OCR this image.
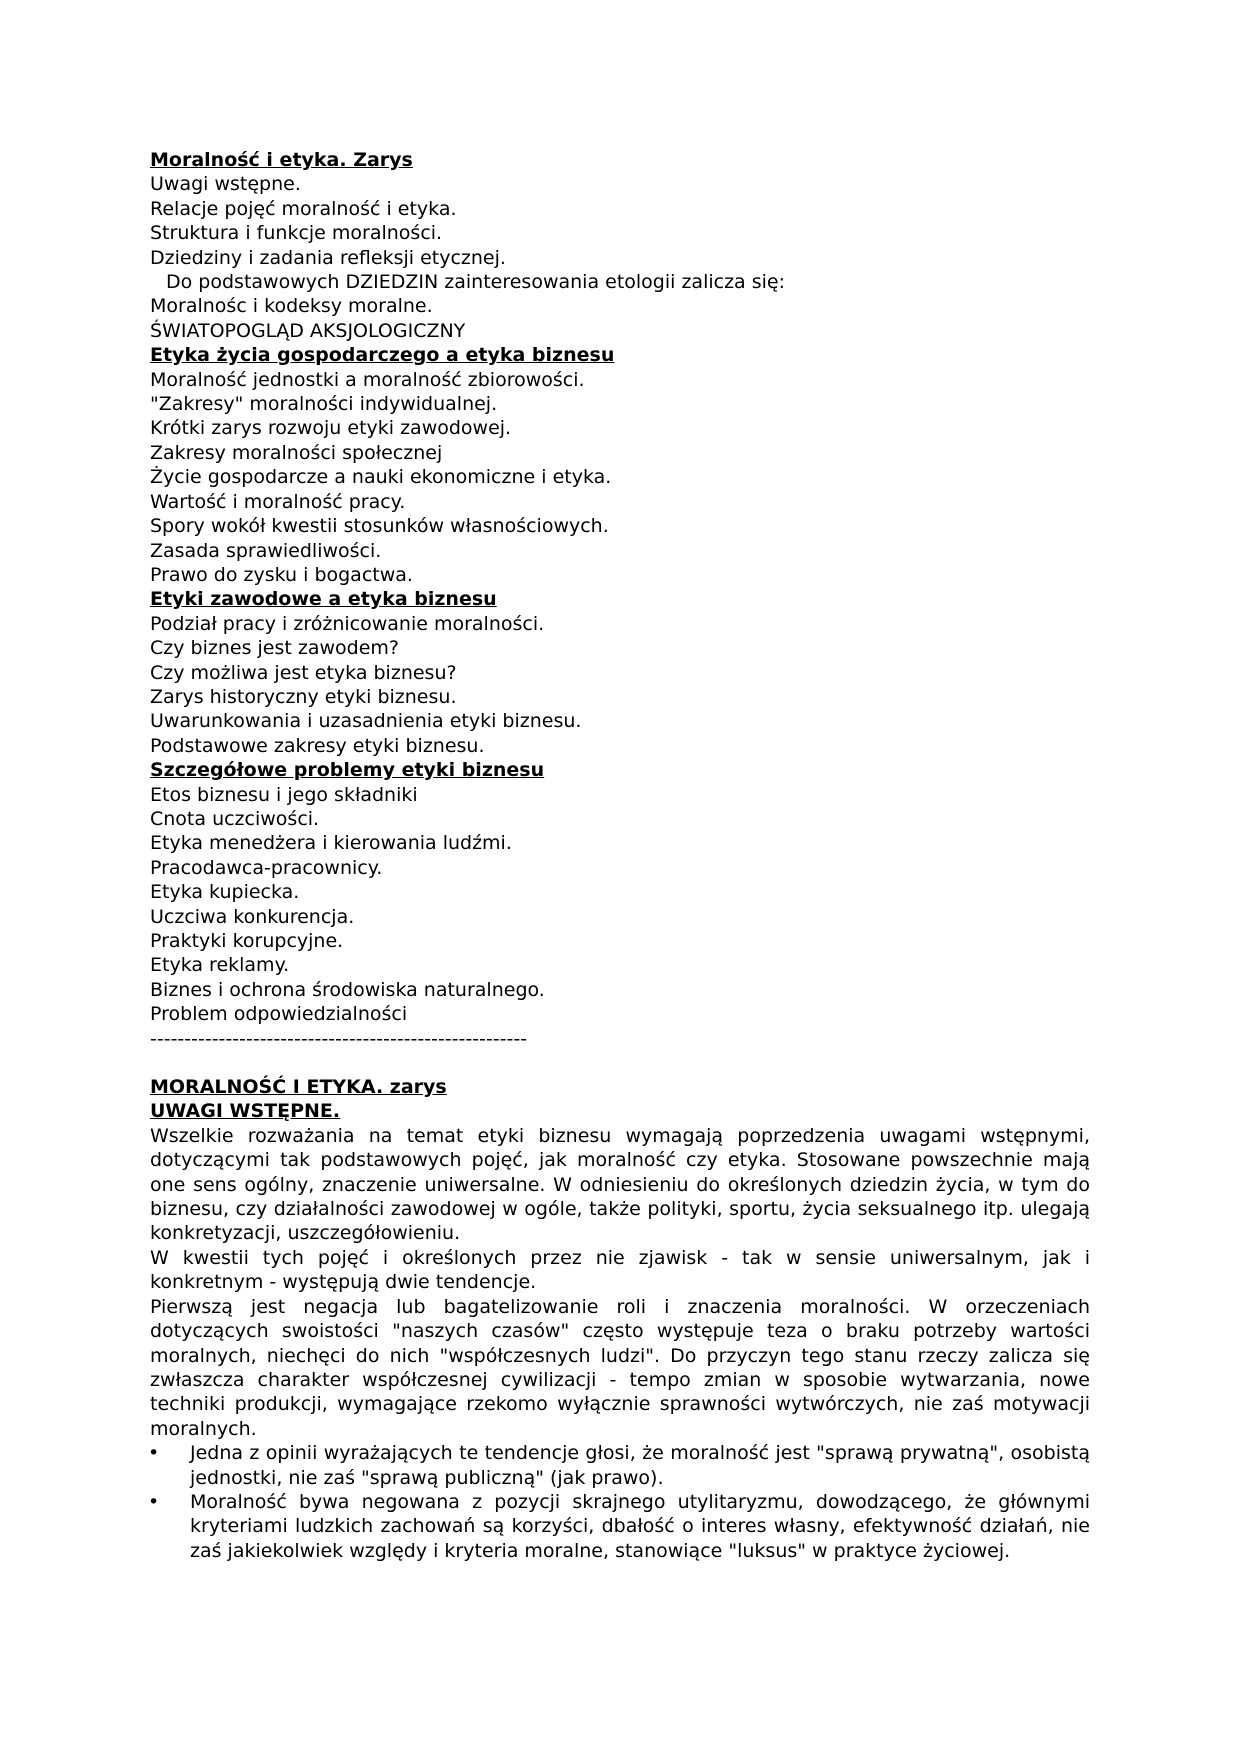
Moralność i etyka. Zarys
Uwagi wstępne.
Relacje pojęć moralność i etyka.
Struktura i funkcje moralności.
Dziedziny i zadania refleksji etycznej.
Do podstawowych DZIEDZIN zainteresowania etologii zalicza się:
Moralnośc i kodeksy moralne.
ŚWIATOPOGLĄD AKSJOLOGICZNY
Etyka życia gospodarczego a etyka biznesu
Moralność jednostki a moralność zbiorowości.
"Zakresy" moralności indywidualnej.
Krótki zarys rozwoju etyki zawodowej.
Zakresy moralności społecznej
Życie gospodarcze a nauki ekonomiczne i etyka.
Wartość i moralność pracy.
Spory wokół kwestii stosunków własnościowych.
Zasada sprawiedliwości.
Prawo do zysku i bogactwa.
Etyki zawodowe a etyka biznesu
Podział pracy i zróżnicowanie moralności.
Czy biznes jest zawodem?
Czy możliwa jest etyka biznesu?
Zarys historyczny etyki biznesu.
Uwarunkowania i uzasadnienia etyki biznesu.
Podstawowe zakresy etyki biznesu.
Szczegółowe problemy etyki biznesu
Etos biznesu i jego składniki
Cnota uczciwości.
Etyka menedżera i kierowania ludźmi.
Pracodawca-pracownicy.
Etyka kupiecka.
Uczciwa konkurencja.
Praktyki korupcyjne.
Etyka reklamy.
Biznes i ochrona środowiska naturalnego.
Problem odpowiedzialności
-------------------------------------------------------
MORALNOŚĆ I ETYKA. zarys
UWAGI WSTĘPNE.
Wszelkie rozważania na temat etyki biznesu wymagają poprzedzenia uwagami wstępnymi, dotyczącymi tak podstawowych pojęć, jak moralność czy etyka. Stosowane powszechnie mają one sens ogólny, znaczenie uniwersalne. W odniesieniu do określonych dziedzin życia, w tym do biznesu, czy działalności zawodowej w ogóle, także polityki, sportu, życia seksualnego itp. ulegają konkretyzacji, uszczegółowieniu.
W kwestii tych pojęć i określonych przez nie zjawisk - tak w sensie uniwersalnym, jak i konkretnym - występują dwie tendencje.
Pierwszą jest negacja lub bagatelizowanie roli i znaczenia moralności. W orzeczeniach dotyczących swoistości "naszych czasów" często występuje teza o braku potrzeby wartości moralnych, niechęci do nich "współczesnych ludzi". Do przyczyn tego stanu rzeczy zalicza się zwłaszcza charakter współczesnej cywilizacji - tempo zmian w sposobie wytwarzania, nowe techniki produkcji, wymagające rzekomo wyłącznie sprawności wytwórczych, nie zaś motywacji moralnych.
•	Jedna z opinii wyrażających te tendencje głosi, że moralność jest "sprawą prywatną", osobistą jednostki, nie zaś "sprawą publiczną" (jak prawo).
•	Moralność bywa negowana z pozycji skrajnego utylitaryzmu, dowodzącego, że głównymi kryteriami ludzkich zachowań są korzyści, dbałość o interes własny, efektywność działań, nie zaś jakiekolwiek względy i kryteria moralne, stanowiące "luksus" w praktyce życiowej.
